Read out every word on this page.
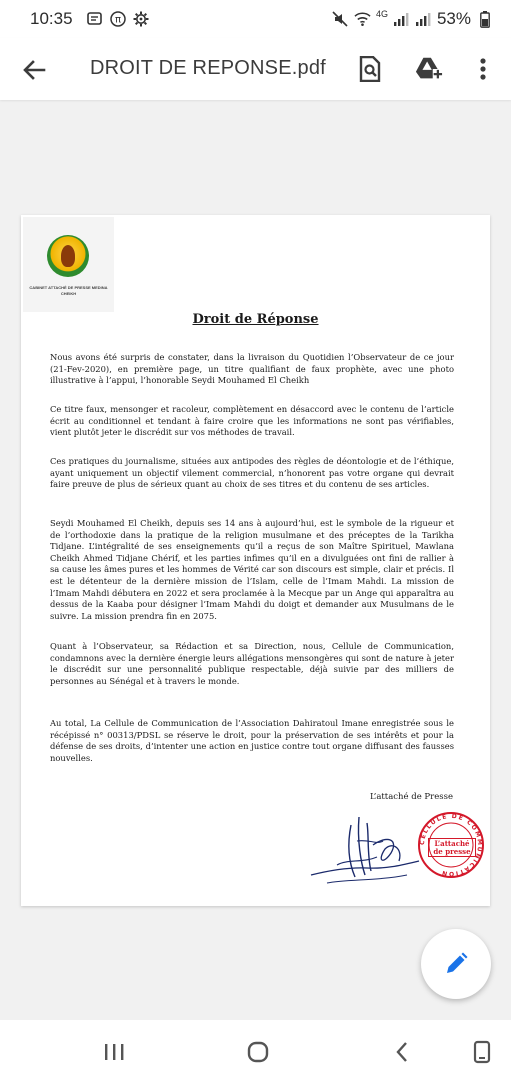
10:35	π	4G	53%
DROIT DE REPONSE.pdf
CABINET ATTACHÉ DE PRESSE MEDINA CHEIKH
Droit de Réponse

Nous avons été surpris de constater, dans la livraison du Quotidien l’Observateur de ce jour (21-Fev-2020), en première page, un titre qualifiant de faux prophète, avec une photo illustrative à l’appui, l’honorable Seydi Mouhamed El Cheikh

Ce titre faux, mensonger et racoleur, complètement en désaccord avec le contenu de l’article écrit au conditionnel et tendant à faire croire que les informations ne sont pas vérifiables, vient plutôt jeter le discrédit sur vos méthodes de travail.

Ces pratiques du journalisme, situées aux antipodes des règles de déontologie et de l’éthique, ayant uniquement un objectif vilement commercial, n’honorent pas votre organe qui devrait faire preuve de plus de sérieux quant au choix de ses titres et du contenu de ses articles.

Seydi Mouhamed El Cheikh, depuis ses 14 ans à aujourd’hui, est le symbole de la rigueur et de l’orthodoxie dans la pratique de la religion musulmane et des préceptes de la Tarikha Tidjane. L’intégralité de ses enseignements qu’il a reçus de son Maître Spirituel, Mawlana Cheikh Ahmed Tidjane Chérif, et les parties infimes qu’il en a divulguées ont fini de rallier à sa cause les âmes pures et les hommes de Vérité car son discours est simple, clair et précis. Il est le détenteur de la dernière mission de l’Islam, celle de l’Imam Mahdi. La mission de l’Imam Mahdi débutera en 2022 et sera proclamée à la Mecque par un Ange qui apparaîtra au dessus de la Kaaba pour désigner l’Imam Mahdi du doigt et demander aux Musulmans de le suivre. La mission prendra fin en 2075.

Quant à l’Observateur, sa Rédaction et sa Direction, nous, Cellule de Communication, condamnons avec la dernière énergie leurs allégations mensongères qui sont de nature à jeter le discrédit sur une personnalité publique respectable, déjà suivie par des milliers de personnes au Sénégal et à travers le monde.

Au total, La Cellule de Communication de l’Association Dahiratoul Imane enregistrée sous le récépissé n° 00313/PDSL se réserve le droit, pour la préservation de ses intérêts et pour la défense de ses droits, d’intenter une action en justice contre tout organe diffusant des fausses nouvelles.

L’attaché de Presse
CELLULE DE COMMUNICATION
L’attaché de presse
